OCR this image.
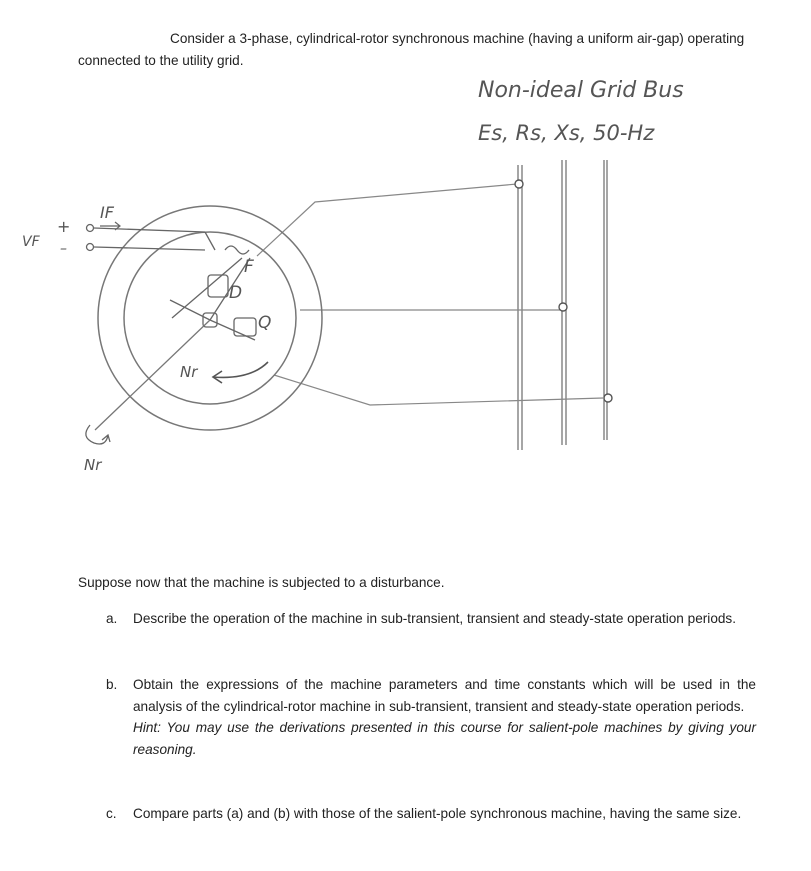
Consider a 3-phase, cylindrical-rotor synchronous machine (having a uniform air-gap) operating connected to the utility grid.

Non-ideal Grid Bus
Es, Rs, Xs, 50-Hz
VF
+
–
IF
F
D
Q
Nr
Nr
Suppose now that the machine is subjected to a disturbance.
a. Describe the operation of the machine in sub-transient, transient and steady-state operation periods.
b. Obtain the expressions of the machine parameters and time constants which will be used in the analysis of the cylindrical-rotor machine in sub-transient, transient and steady-state operation periods.
Hint: You may use the derivations presented in this course for salient-pole machines by giving your reasoning.
c. Compare parts (a) and (b) with those of the salient-pole synchronous machine, having the same size.
